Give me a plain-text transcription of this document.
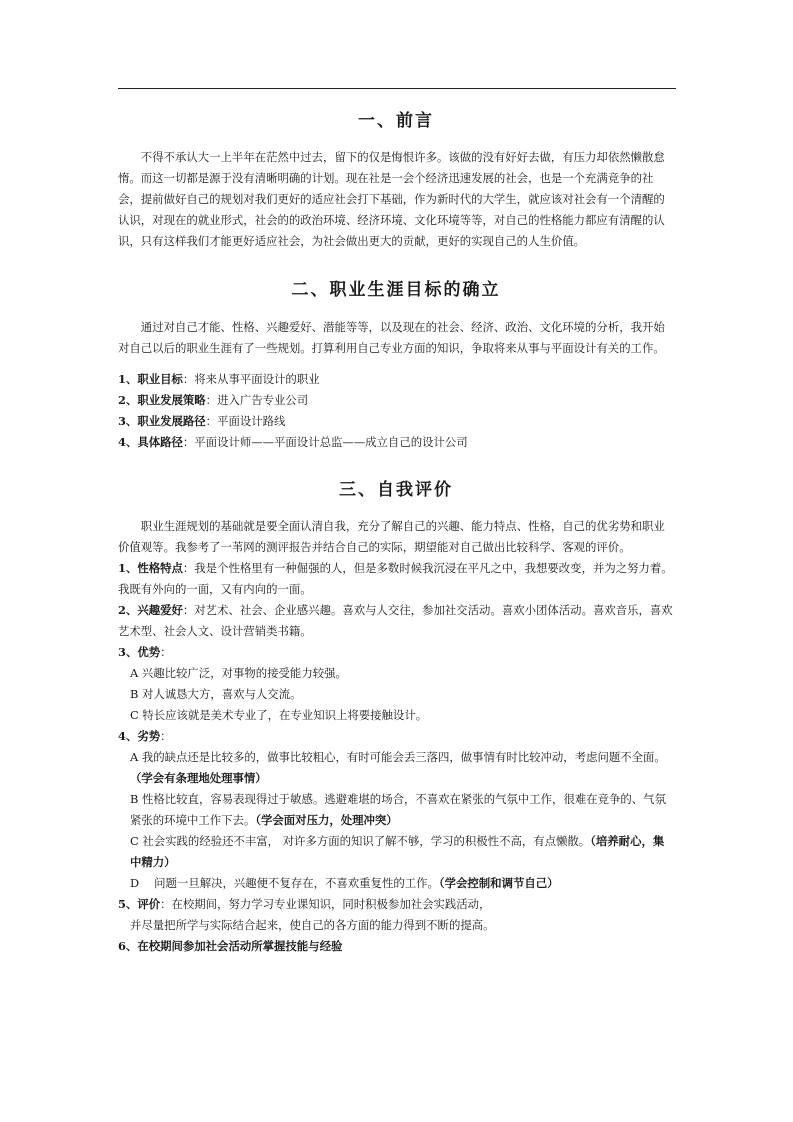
一、前言

不得不承认大一上半年在茫然中过去，留下的仅是悔恨许多。该做的没有好好去做，有压力却依然懒散怠惰。而这一切都是源于没有清晰明确的计划。现在社是一会个经济迅速发展的社会，也是一个充满竞争的社会，提前做好自己的规划对我们更好的适应社会打下基础，作为新时代的大学生，就应该对社会有一个清醒的认识，对现在的就业形式，社会的的政治环境、经济环境、文化环境等等，对自己的性格能力都应有清醒的认识，只有这样我们才能更好适应社会，为社会做出更大的贡献，更好的实现自己的人生价值。

二、职业生涯目标的确立

通过对自己才能、性格、兴趣爱好、潜能等等，以及现在的社会、经济、政治、文化环境的分析，我开始对自己以后的职业生涯有了一些规划。打算利用自己专业方面的知识，争取将来从事与平面设计有关的工作。

1、职业目标：将来从事平面设计的职业

2、职业发展策略：进入广告专业公司

3、职业发展路径：平面设计路线

4、具体路径：平面设计师——平面设计总监——成立自己的设计公司

三、自我评价

职业生涯规划的基础就是要全面认清自我，充分了解自己的兴趣、能力特点、性格，自己的优劣势和职业价值观等。我参考了一苇网的测评报告并结合自己的实际，期望能对自己做出比较科学、客观的评价。

1、性格特点：我是个性格里有一种倔强的人，但是多数时候我沉浸在平凡之中，我想要改变，并为之努力着。我既有外向的一面，又有内向的一面。

2、兴趣爱好：对艺术、社会、企业感兴趣。喜欢与人交往，参加社交活动。喜欢小团体活动。喜欢音乐，喜欢艺术型、社会人文、设计营销类书籍。

3、优势：

A 兴趣比较广泛，对事物的接受能力较强。

B 对人诚恳大方，喜欢与人交流。

C 特长应该就是美术专业了，在专业知识上将要接触设计。

4、劣势：

A 我的缺点还是比较多的，做事比较粗心，有时可能会丢三落四，做事情有时比较冲动，考虑问题不全面。（学会有条理地处理事情）

B 性格比较直，容易表现得过于敏感。逃避难堪的场合，不喜欢在紧张的气氛中工作，很难在竞争的、气氛紧张的环境中工作下去。（学会面对压力，处理冲突）

C 社会实践的经验还不丰富， 对许多方面的知识了解不够，学习的积极性不高，有点懒散。（培养耐心，集中精力）

D　 问题一旦解决，兴趣便不复存在，不喜欢重复性的工作。（学会控制和调节自己）

5、评价：在校期间，努力学习专业课知识，同时积极参加社会实践活动，

并尽量把所学与实际结合起来，使自己的各方面的能力得到不断的提高。

6、在校期间参加社会活动所掌握技能与经验
